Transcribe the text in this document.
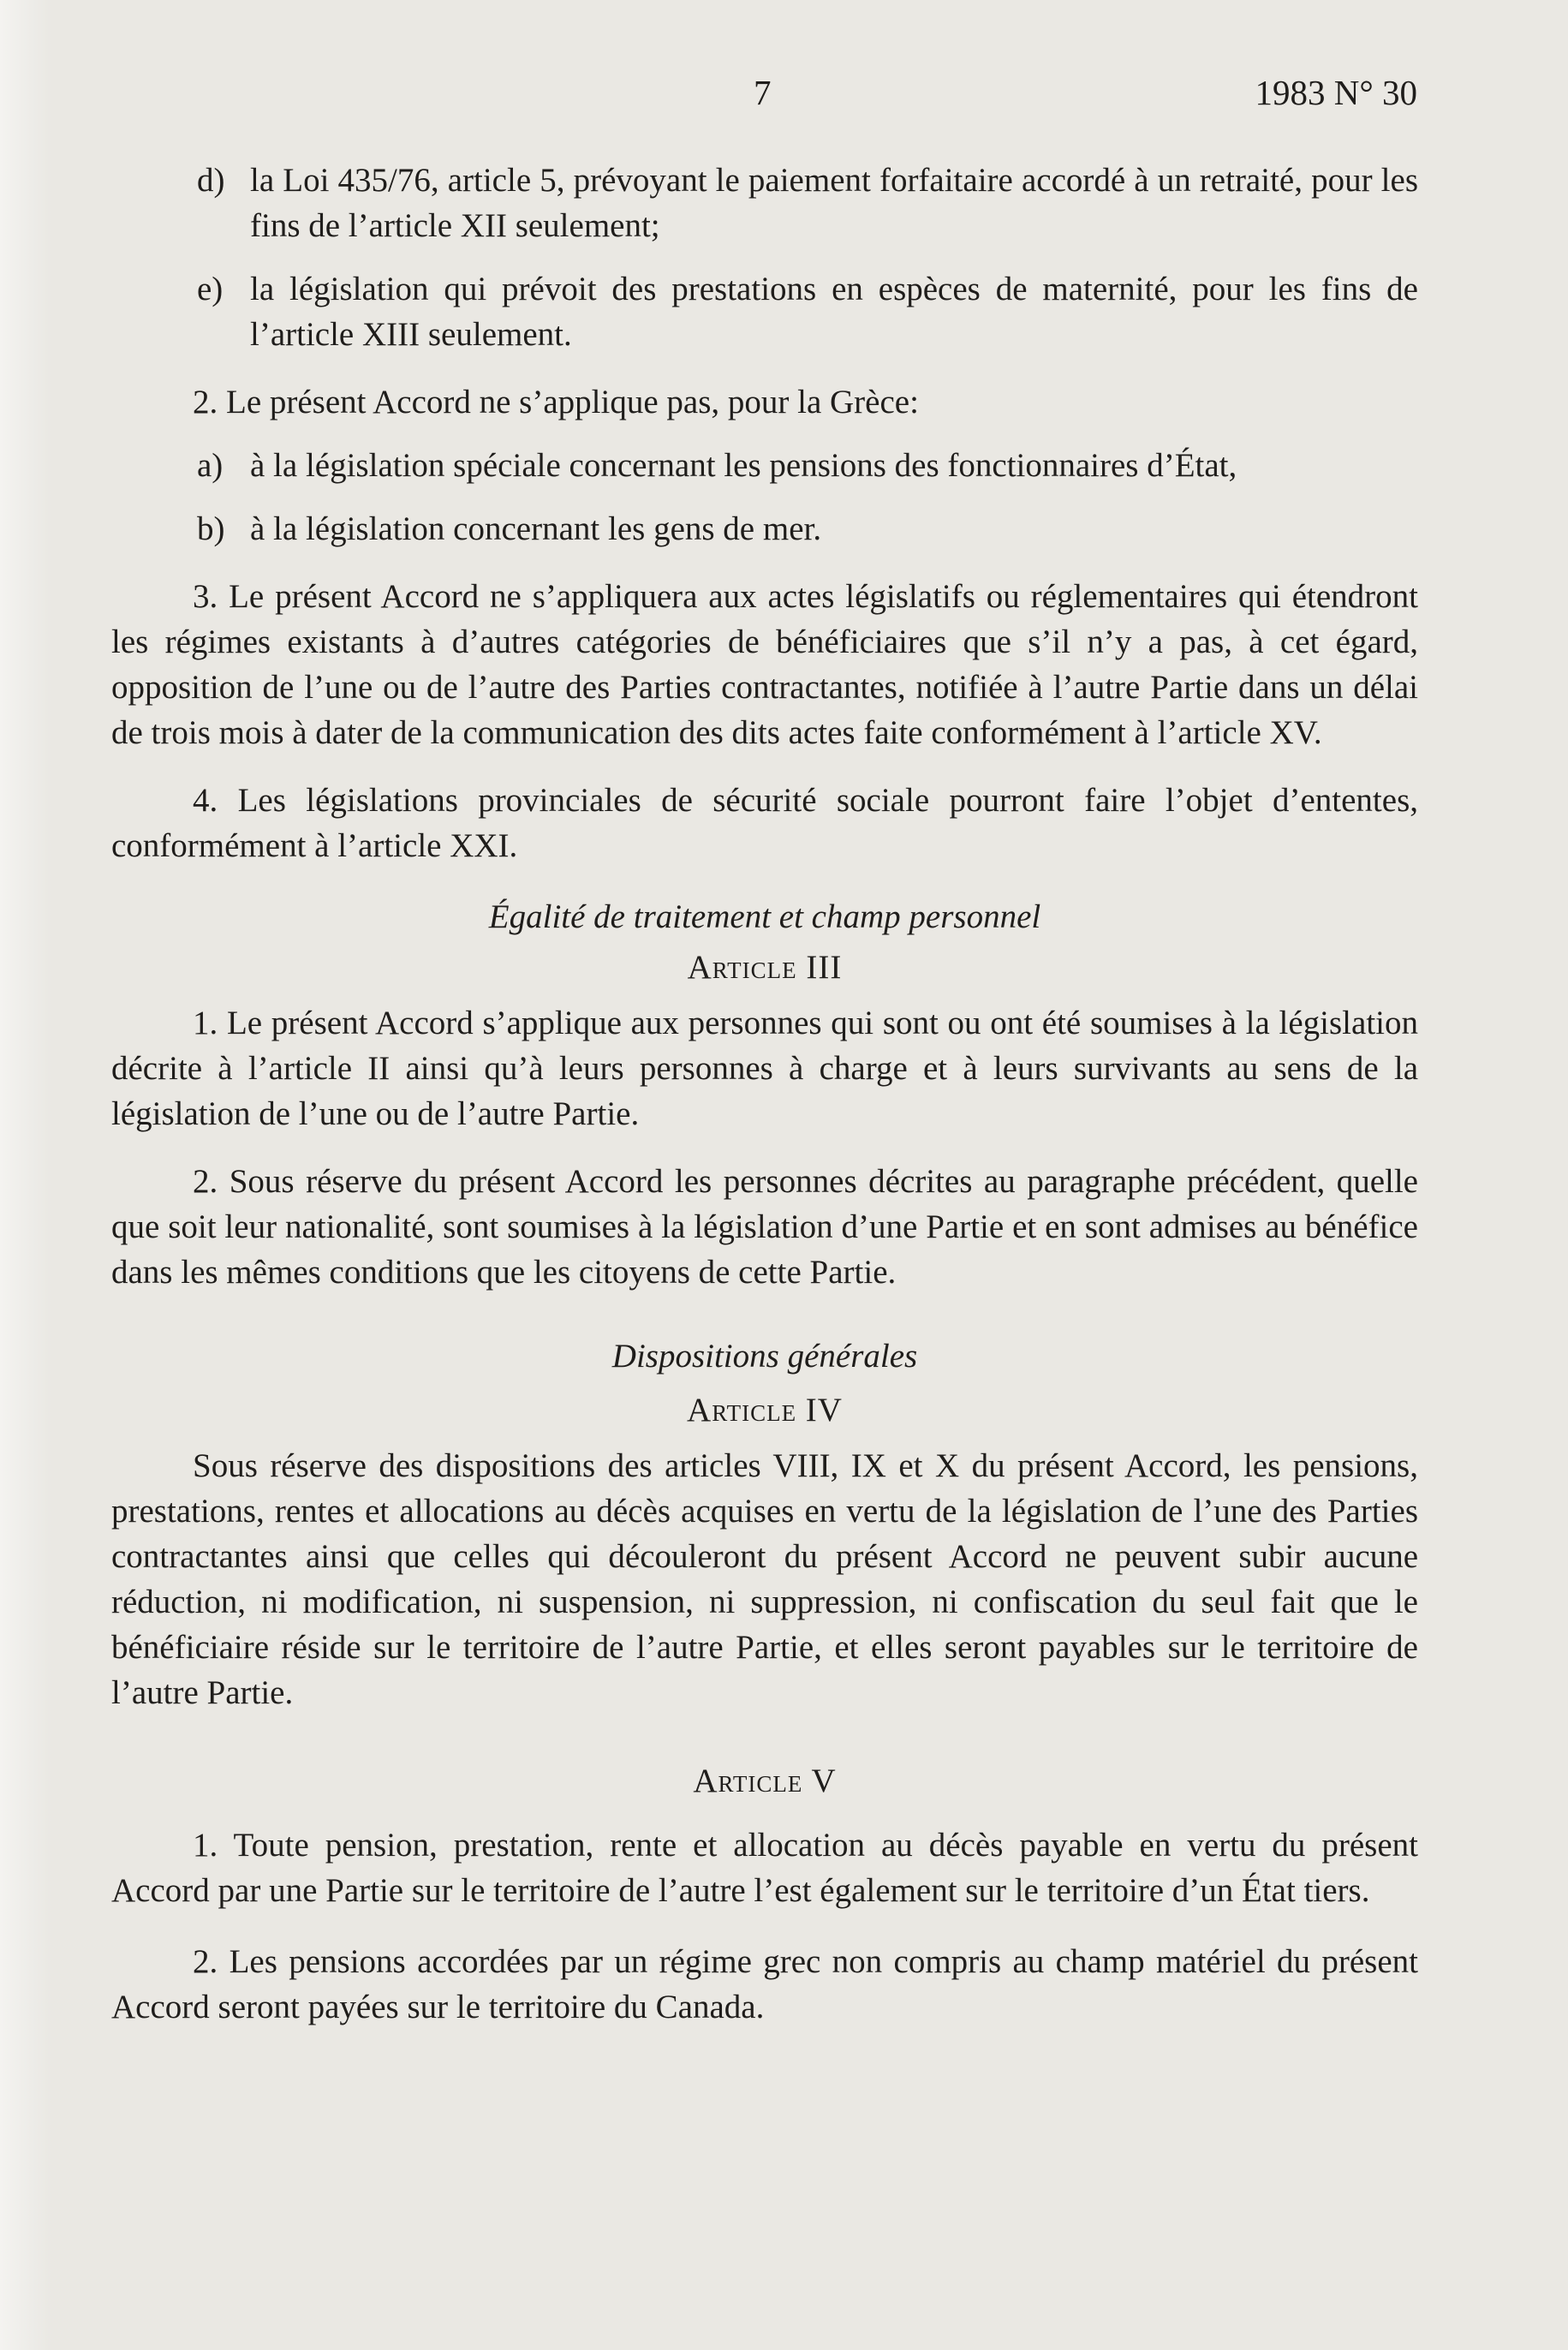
7	1983 N° 30
d) la Loi 435/76, article 5, prévoyant le paiement forfaitaire accordé à un retraité, pour les fins de l’article XII seulement;
e) la législation qui prévoit des prestations en espèces de maternité, pour les fins de l’article XIII seulement.

2. Le présent Accord ne s’applique pas, pour la Grèce:

a) à la législation spéciale concernant les pensions des fonctionnaires d’État,
b) à la législation concernant les gens de mer.

3. Le présent Accord ne s’appliquera aux actes législatifs ou réglementaires qui étendront les régimes existants à d’autres catégories de bénéficiaires que s’il n’y a pas, à cet égard, opposition de l’une ou de l’autre des Parties contractantes, notifiée à l’autre Partie dans un délai de trois mois à dater de la communication des dits actes faite conformément à l’article XV.

4. Les législations provinciales de sécurité sociale pourront faire l’objet d’ententes, conformément à l’article XXI.

Égalité de traitement et champ personnel

Article III

1. Le présent Accord s’applique aux personnes qui sont ou ont été soumises à la législation décrite à l’article II ainsi qu’à leurs personnes à charge et à leurs survivants au sens de la législation de l’une ou de l’autre Partie.

2. Sous réserve du présent Accord les personnes décrites au paragraphe précédent, quelle que soit leur nationalité, sont soumises à la législation d’une Partie et en sont admises au bénéfice dans les mêmes conditions que les citoyens de cette Partie.

Dispositions générales

Article IV

Sous réserve des dispositions des articles VIII, IX et X du présent Accord, les pensions, prestations, rentes et allocations au décès acquises en vertu de la législation de l’une des Parties contractantes ainsi que celles qui découleront du présent Accord ne peuvent subir aucune réduction, ni modification, ni suspension, ni suppression, ni confiscation du seul fait que le bénéficiaire réside sur le territoire de l’autre Partie, et elles seront payables sur le territoire de l’autre Partie.

Article V

1. Toute pension, prestation, rente et allocation au décès payable en vertu du présent Accord par une Partie sur le territoire de l’autre l’est également sur le territoire d’un État tiers.

2. Les pensions accordées par un régime grec non compris au champ matériel du présent Accord seront payées sur le territoire du Canada.
